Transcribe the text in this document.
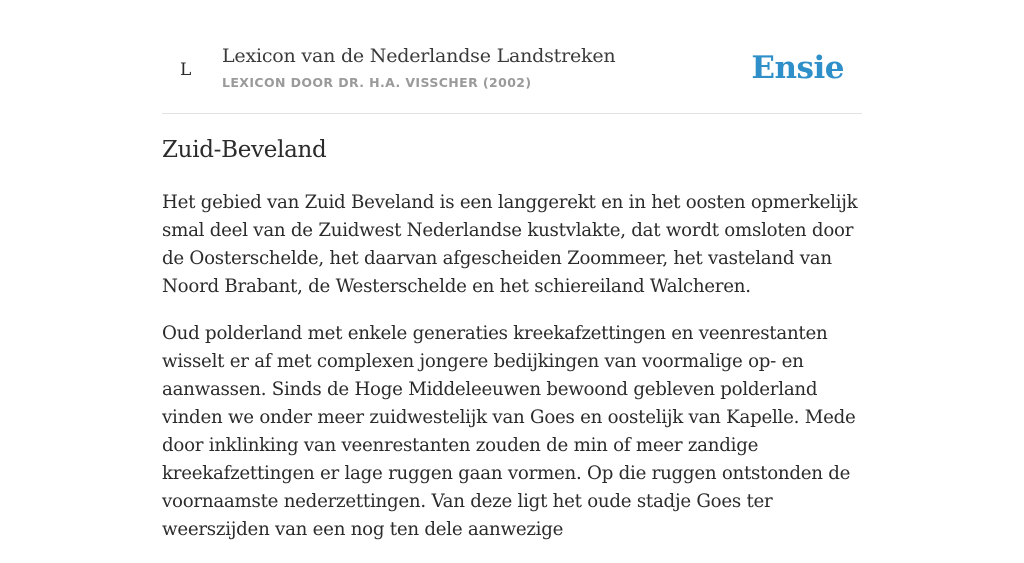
L
Lexicon van de Nederlandse Landstreken
LEXICON DOOR DR. H.A. VISSCHER (2002)	Ensie
Zuid-Beveland

Het gebied van Zuid Beveland is een langgerekt en in het oosten opmerkelijk smal deel van de Zuidwest Nederlandse kustvlakte, dat wordt omsloten door de Oosterschelde, het daarvan afgescheiden Zoommeer, het vasteland van Noord Brabant, de Westerschelde en het schiereiland Walcheren.

Oud polderland met enkele generaties kreekafzettingen en veenrestanten wisselt er af met complexen jongere bedijkingen van voormalige op- en aanwassen. Sinds de Hoge Middeleeuwen bewoond gebleven polderland vinden we onder meer zuidwestelijk van Goes en oostelijk van Kapelle. Mede door inklinking van veenrestanten zouden de min of meer zandige kreekafzettingen er lage ruggen gaan vormen. Op die ruggen ontstonden de voornaamste nederzettingen. Van deze ligt het oude stadje Goes ter weerszijden van een nog ten dele aanwezige
